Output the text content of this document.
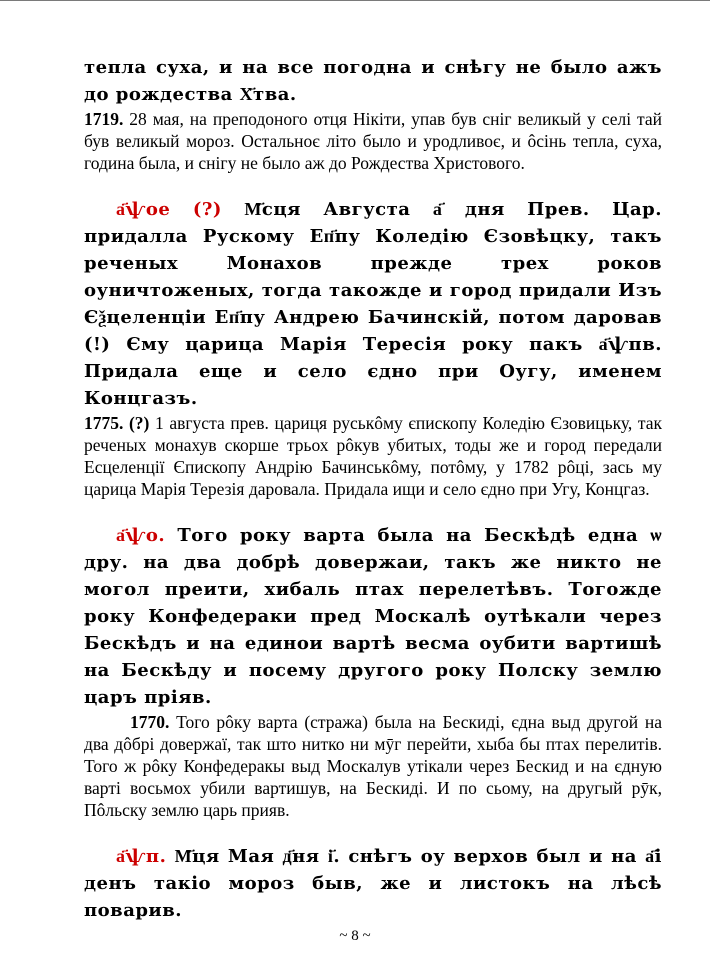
тепла суха, и на все погодна и снѣгу не было ажъ до рождества Х҃тва.

1719. 28 мая, на преподоного отця Нікіти, упав був сніг великый у селі тай був великый мороз. Остальноє літо было и уродливоє, и ôсінь тепла, суха, година была, и снігу не было аж до Рождества Христового.

а҃ѱое (?) М҃сця Августа а҃ дня Прев. Цар. придалла Рускому Еп҃пу Коледію Єзовѣцку, такъ реченых Монахов прежде трех роков оуничтоженых, тогда такожде и город придали Изъ Єѯцеленціи Еп҃пу Андрею Бачинскій, потом даровав (!) Єму царица Марія Тересія року пакъ а҃ѱпв. Придала еще и село єдно при Оугу, именем Концгазъ.

1775. (?) 1 августа прев. цариця руськôму єпископу Коледію Єзовицьку, так реченых монахув скорше трьох рôкув убитых, тоды же и город передали Есцеленції Єпископу Андрію Бачинськôму, потôму, у 1782 рôці, зась му царица Марія Терезія даровала. Придала ищи и село єдно при Угу, Концгаз.

а҃ѱо. Того року варта была на Бескѣдѣ една ѡ дру. на два добрѣ довержаи, такъ же никто не могол преити, хибаль птах перелетѣвъ. Тогожде року Конфедераки пред Москалѣ оутѣкали через Бескѣдъ и на единои вартѣ весма оубити вартишѣ на Бескѣду и посему другого року Полску землю царъ пріяв.

1770. Того рôку варта (стража) была на Бескиді, єдна выд другой на два дôбрі довержаї, так што нитко ни мӯг перейти, хыба бы птах перелитів. Того ж рôку Конфедеракы выд Москалув утікали через Бескид и на єдную варті восьмох убили вартишув, на Бескиді. И по сьому, на другый рӯк, Пôльску землю царь прияв.

а҃ѱп. М҃ця Мая д҃ня і҃. снѣгъ оу верхов был и на а҃і денъ такіо мороз быв, же и листокъ на лѣсѣ поварив.

~ 8 ~
